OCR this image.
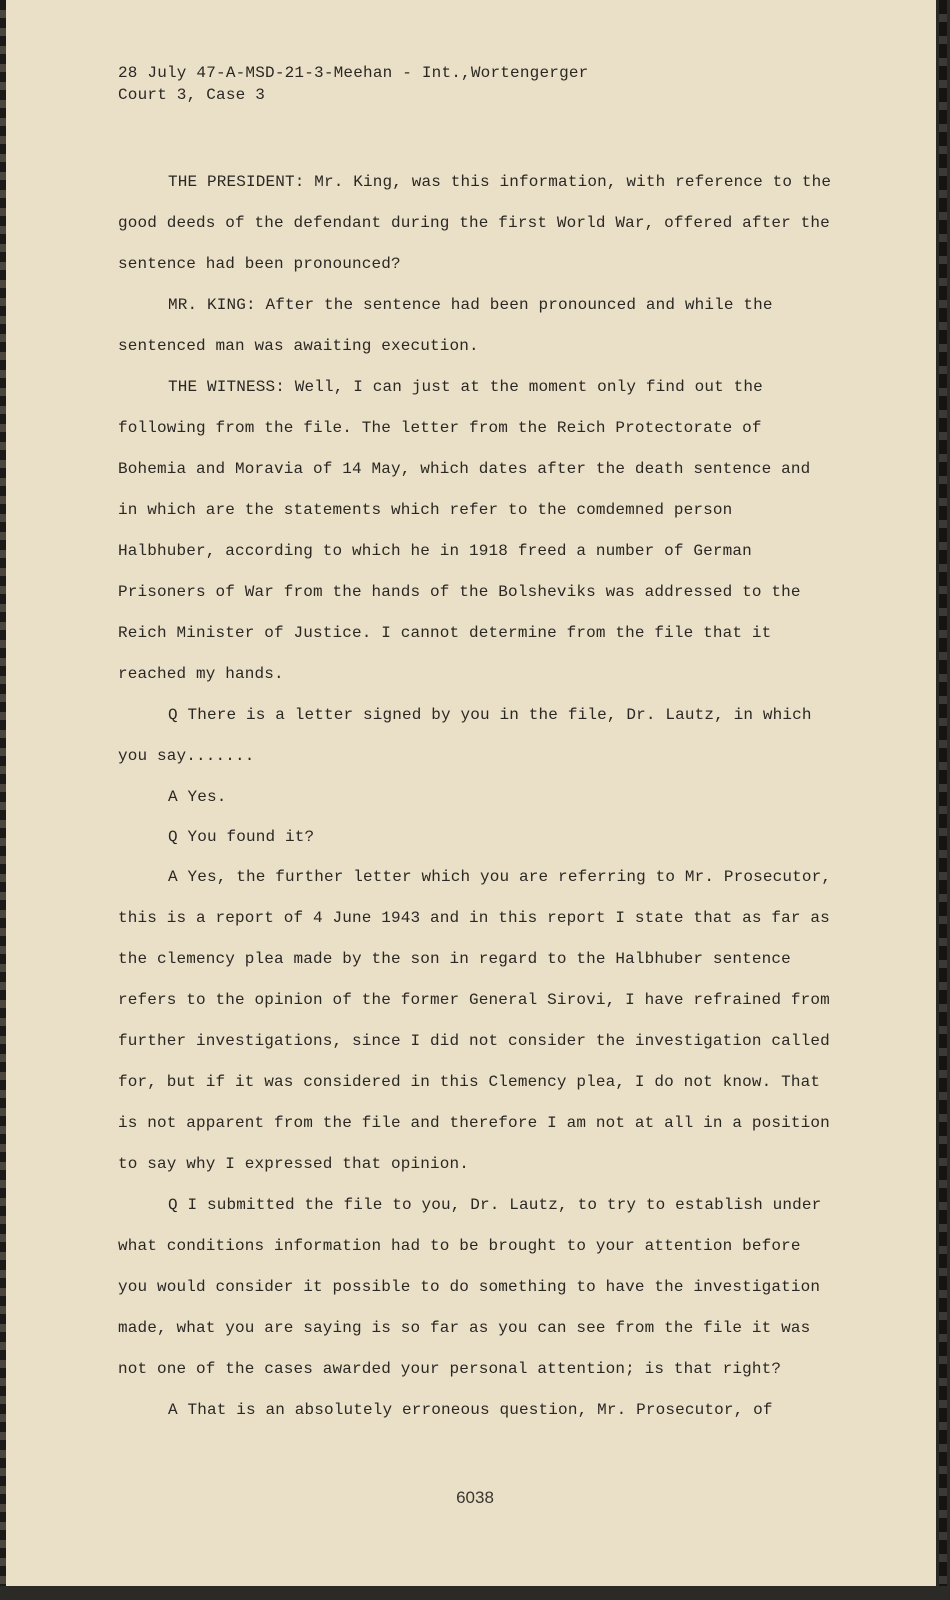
28 July 47-A-MSD-21-3-Meehan - Int.,Wortengerger
Court 3, Case 3

THE PRESIDENT: Mr. King, was this information, with reference to the good deeds of the defendant during the first World War, offered after the sentence had been pronounced?

MR. KING: After the sentence had been pronounced and while the sentenced man was awaiting execution.

THE WITNESS: Well, I can just at the moment only find out the following from the file. The letter from the Reich Protectorate of Bohemia and Moravia of 14 May, which dates after the death sentence and in which are the statements which refer to the comdemned person Halbhuber, according to which he in 1918 freed a number of German Prisoners of War from the hands of the Bolsheviks was addressed to the Reich Minister of Justice. I cannot determine from the file that it reached my hands.

Q There is a letter signed by you in the file, Dr. Lautz, in which you say.......

A Yes.

Q You found it?

A Yes, the further letter which you are referring to Mr. Prosecutor, this is a report of 4 June 1943 and in this report I state that as far as the clemency plea made by the son in regard to the Halbhuber sentence refers to the opinion of the former General Sirovi, I have refrained from further investigations, since I did not consider the investigation called for, but if it was considered in this Clemency plea, I do not know. That is not apparent from the file and therefore I am not at all in a position to say why I expressed that opinion.

Q I submitted the file to you, Dr. Lautz, to try to establish under what conditions information had to be brought to your attention before you would consider it possible to do something to have the investigation made, what you are saying is so far as you can see from the file it was not one of the cases awarded your personal attention; is that right?

A That is an absolutely erroneous question, Mr. Prosecutor, of

6038
